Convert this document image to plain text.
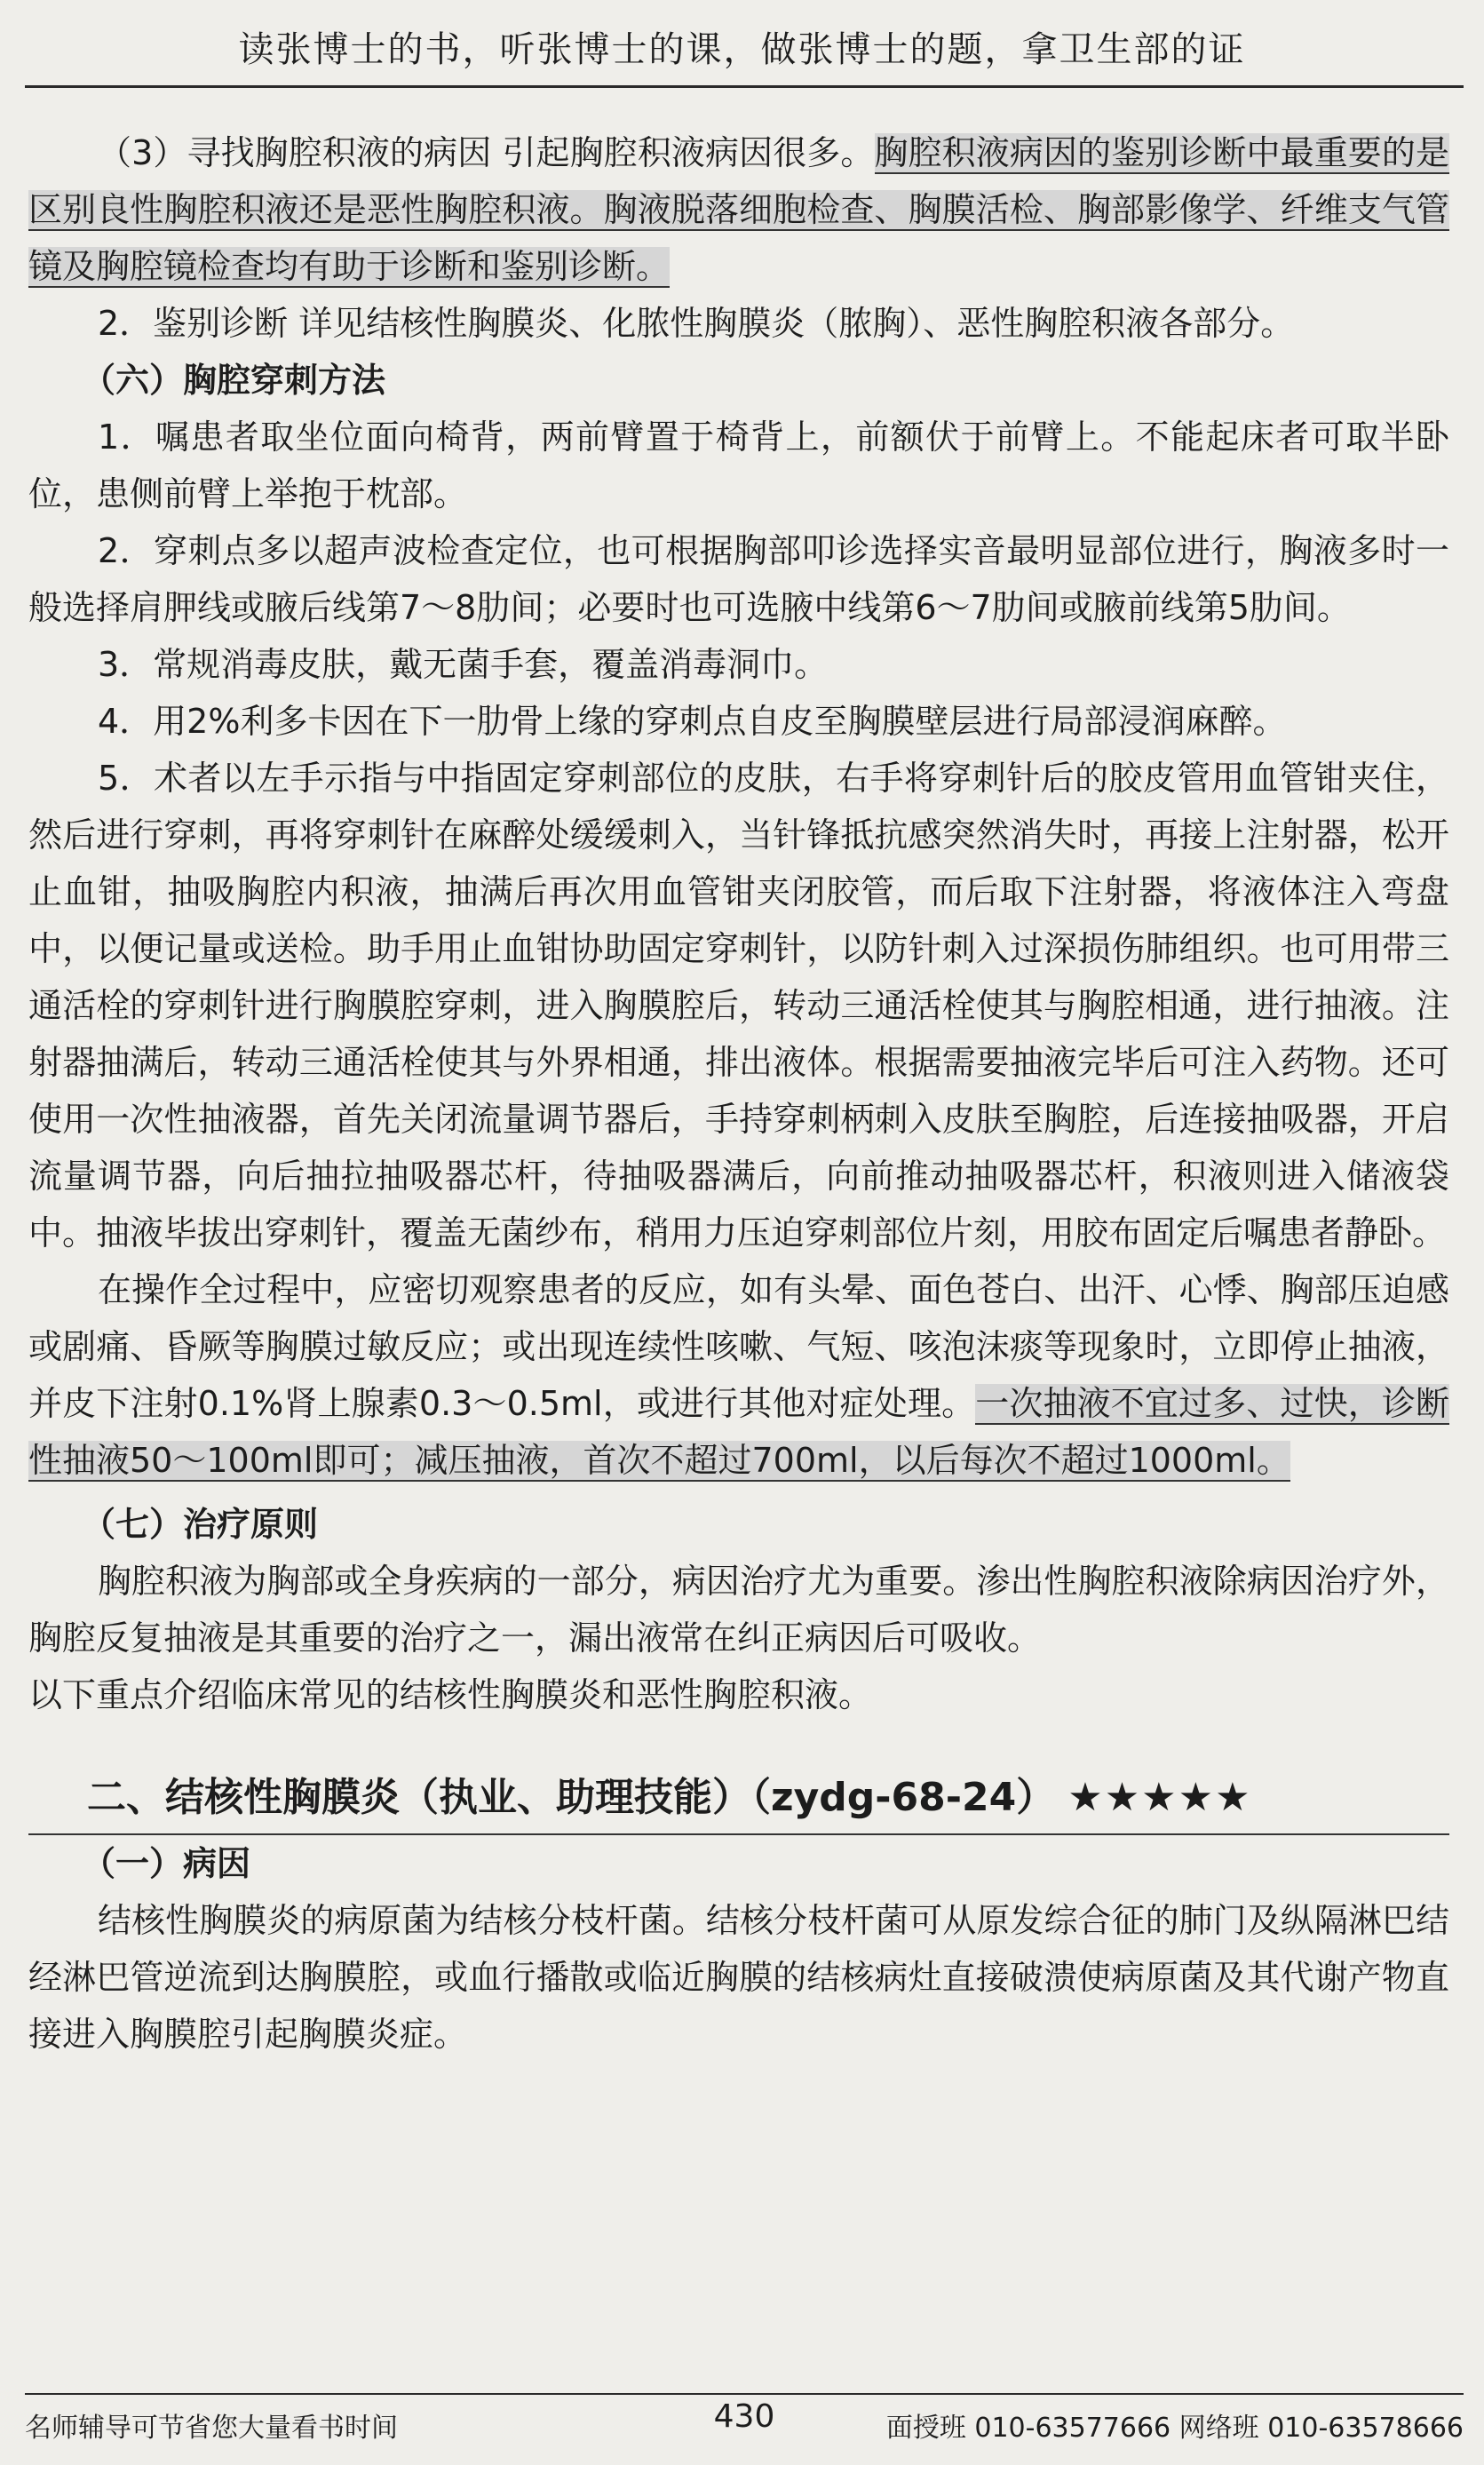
读张博士的书，听张博士的课，做张博士的题，拿卫生部的证

（3）寻找胸腔积液的病因 引起胸腔积液病因很多。胸腔积液病因的鉴别诊断中最重要的是区别良性胸腔积液还是恶性胸腔积液。胸液脱落细胞检查、胸膜活检、胸部影像学、纤维支气管镜及胸腔镜检查均有助于诊断和鉴别诊断。

2．鉴别诊断 详见结核性胸膜炎、化脓性胸膜炎（脓胸）、恶性胸腔积液各部分。

（六）胸腔穿刺方法

1．嘱患者取坐位面向椅背，两前臂置于椅背上，前额伏于前臂上。不能起床者可取半卧位，患侧前臂上举抱于枕部。

2．穿刺点多以超声波检查定位，也可根据胸部叩诊选择实音最明显部位进行，胸液多时一般选择肩胛线或腋后线第7～8肋间；必要时也可选腋中线第6～7肋间或腋前线第5肋间。

3．常规消毒皮肤，戴无菌手套，覆盖消毒洞巾。

4．用2%利多卡因在下一肋骨上缘的穿刺点自皮至胸膜壁层进行局部浸润麻醉。

5．术者以左手示指与中指固定穿刺部位的皮肤，右手将穿刺针后的胶皮管用血管钳夹住，然后进行穿刺，再将穿刺针在麻醉处缓缓刺入，当针锋抵抗感突然消失时，再接上注射器，松开止血钳，抽吸胸腔内积液，抽满后再次用血管钳夹闭胶管，而后取下注射器，将液体注入弯盘中，以便记量或送检。助手用止血钳协助固定穿刺针，以防针刺入过深损伤肺组织。也可用带三通活栓的穿刺针进行胸膜腔穿刺，进入胸膜腔后，转动三通活栓使其与胸腔相通，进行抽液。注射器抽满后，转动三通活栓使其与外界相通，排出液体。根据需要抽液完毕后可注入药物。还可使用一次性抽液器，首先关闭流量调节器后，手持穿刺柄刺入皮肤至胸腔，后连接抽吸器，开启流量调节器，向后抽拉抽吸器芯杆，待抽吸器满后，向前推动抽吸器芯杆，积液则进入储液袋中。抽液毕拔出穿刺针，覆盖无菌纱布，稍用力压迫穿刺部位片刻，用胶布固定后嘱患者静卧。

在操作全过程中，应密切观察患者的反应，如有头晕、面色苍白、出汗、心悸、胸部压迫感或剧痛、昏厥等胸膜过敏反应；或出现连续性咳嗽、气短、咳泡沫痰等现象时，立即停止抽液，并皮下注射0.1%肾上腺素0.3～0.5ml，或进行其他对症处理。一次抽液不宜过多、过快，诊断性抽液50～100ml即可；减压抽液，首次不超过700ml，以后每次不超过1000ml。

（七）治疗原则

胸腔积液为胸部或全身疾病的一部分，病因治疗尤为重要。渗出性胸腔积液除病因治疗外，胸腔反复抽液是其重要的治疗之一，漏出液常在纠正病因后可吸收。

以下重点介绍临床常见的结核性胸膜炎和恶性胸腔积液。

二、结核性胸膜炎（执业、助理技能）（zydg-68-24） ★★★★★

（一）病因

结核性胸膜炎的病原菌为结核分枝杆菌。结核分枝杆菌可从原发综合征的肺门及纵隔淋巴结经淋巴管逆流到达胸膜腔，或血行播散或临近胸膜的结核病灶直接破溃使病原菌及其代谢产物直接进入胸膜腔引起胸膜炎症。

名师辅导可节省您大量看书时间	430	面授班 010-63577666 网络班 010-63578666
